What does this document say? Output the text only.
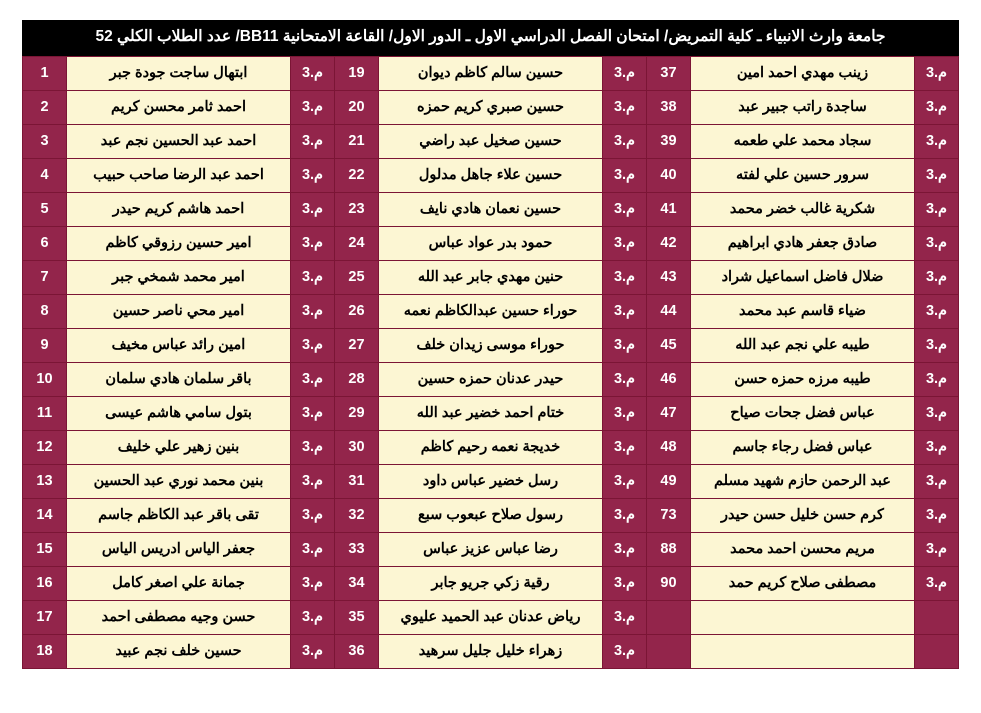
جامعة وارث الانبياء ـ كلية التمريض/ امتحان الفصل الدراسي الاول ـ الدور الاول/ القاعة الامتحانية BB11/ عدد الطلاب الكلي 52
م.3	زينب مهدي احمد امين	37	م.3	حسين سالم كاظم ديوان	19	م.3	ابتهال ساجت جودة جبر	1
م.3	ساجدة راتب جبير عبد	38	م.3	حسين صبري كريم حمزه	20	م.3	احمد ثامر محسن كريم	2
م.3	سجاد محمد علي طعمه	39	م.3	حسين صخيل عبد راضي	21	م.3	احمد عبد الحسين نجم عبد	3
م.3	سرور حسين علي لفته	40	م.3	حسين علاء جاهل مدلول	22	م.3	احمد عبد الرضا صاحب حبيب	4
م.3	شكرية غالب خضر محمد	41	م.3	حسين نعمان هادي نايف	23	م.3	احمد هاشم كريم حيدر	5
م.3	صادق جعفر هادي ابراهيم	42	م.3	حمود بدر عواد عباس	24	م.3	امير حسين رزوقي كاظم	6
م.3	ضلال فاضل اسماعيل شراد	43	م.3	حنين مهدي جابر عبد الله	25	م.3	امير محمد شمخي جبر	7
م.3	ضياء قاسم عبد محمد	44	م.3	حوراء حسين عبدالكاظم نعمه	26	م.3	امير محي ناصر حسين	8
م.3	طيبه علي نجم عبد الله	45	م.3	حوراء موسى زيدان خلف	27	م.3	امين رائد عباس مخيف	9
م.3	طيبه مرزه حمزه حسن	46	م.3	حيدر عدنان حمزه حسين	28	م.3	باقر سلمان هادي سلمان	10
م.3	عباس فضل جحات صياح	47	م.3	ختام احمد خضير عبد الله	29	م.3	بتول سامي هاشم عيسى	11
م.3	عباس فضل رجاء جاسم	48	م.3	خديجة نعمه رحيم كاظم	30	م.3	بنين زهير علي خليف	12
م.3	عبد الرحمن حازم شهيد مسلم	49	م.3	رسل خضير عباس داود	31	م.3	بنين محمد نوري عبد الحسين	13
م.3	كرم حسن خليل حسن حيدر	73	م.3	رسول صلاح عبعوب سبع	32	م.3	تقى باقر عبد الكاظم جاسم	14
م.3	مريم محسن احمد محمد	88	م.3	رضا عباس عزيز عباس	33	م.3	جعفر الياس ادريس الياس	15
م.3	مصطفى صلاح كريم حمد	90	م.3	رقية زكي جريو جابر	34	م.3	جمانة علي اصغر كامل	16
			م.3	رياض عدنان عبد الحميد عليوي	35	م.3	حسن وجيه مصطفى احمد	17
			م.3	زهراء خليل جليل سرهيد	36	م.3	حسين خلف نجم عبيد	18
